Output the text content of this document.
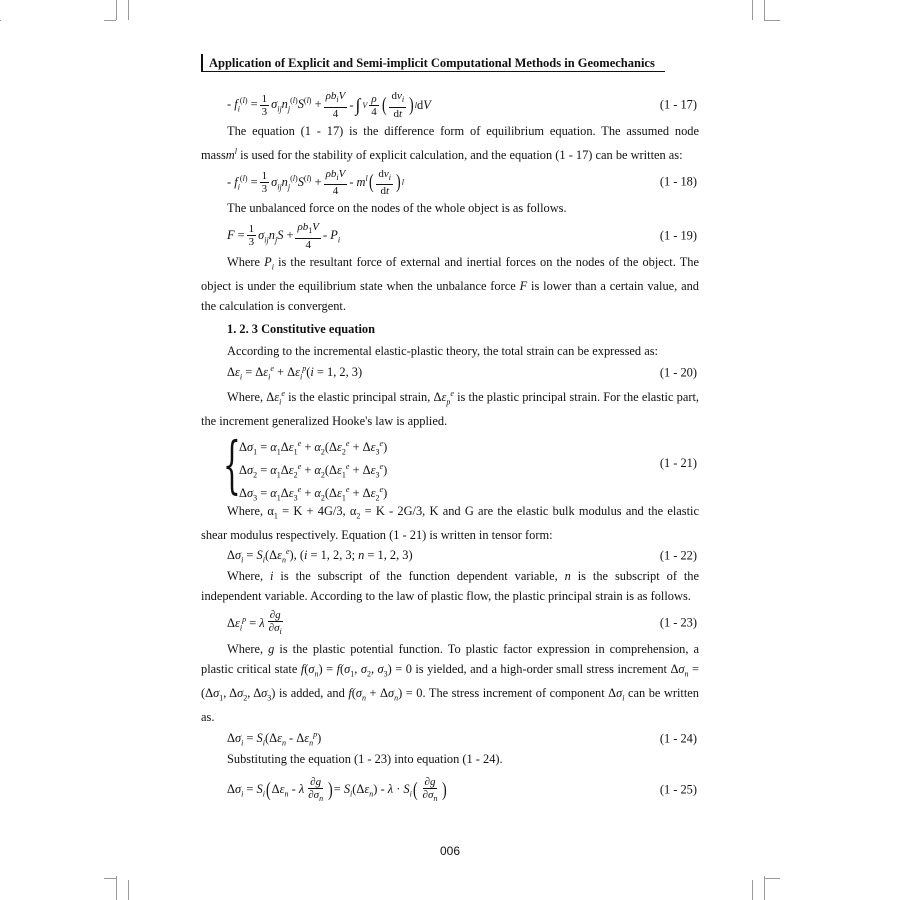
Application of Explicit and Semi-implicit Computational Methods in Geomechanics
- $f_i^{(l)} = \frac{1}{3} \sigma_{ij}n_j^{(l)}S^{(l)} + \frac{\rho b_iV}{4}$ - ∫ V $\frac{\rho}{4}$ ( $\frac{dv_i}{dt}$ ) l dV	(1 - 17)

The equation (1 - 17) is the difference form of equilibrium equation. The assumed node massm$^l$ is used for the stability of explicit calculation, and the equation (1 - 17) can be written as:

- $f_i^{(l)} = \frac{1}{3} \sigma_{ij}n_j^{(l)}S^{(l)} + \frac{\rho b_iV}{4} - m^l$ ( $\frac{dv_i}{dt}$ ) l	(1 - 18)

The unbalanced force on the nodes of the whole object is as follows.

$F = \frac{1}{3} \sigma_{ij}n_jS + \frac{\rho b_1V}{4} - P_i$	(1 - 19)

Where $P_i$ is the resultant force of external and inertial forces on the nodes of the object. The object is under the equilibrium state when the unbalance force F is lower than a certain value, and the calculation is convergent.

1. 2. 3 Constitutive equation

According to the incremental elastic-plastic theory, the total strain can be expressed as:

$\Delta\varepsilon_i = \Delta\varepsilon_i^e + \Delta\varepsilon_i^p(i = 1$, 2, 3)	(1 - 20)

Where, $\Delta\varepsilon_i^e$ is the elastic principal strain, $\Delta\varepsilon_p^e$ is the plastic principal strain. For the elastic part, the increment generalized Hooke's law is applied.

{
$\Delta\sigma_1 = \alpha_1\Delta\varepsilon_1^e + \alpha_2(\Delta\varepsilon_2^e + \Delta\varepsilon_3^e)$
$\Delta\sigma_2 = \alpha_1\Delta\varepsilon_2^e + \alpha_2(\Delta\varepsilon_1^e + \Delta\varepsilon_3^e)$
$\Delta\sigma_3 = \alpha_1\Delta\varepsilon_3^e + \alpha_2(\Delta\varepsilon_1^e + \Delta\varepsilon_2^e)$
(1 - 21)

Where, $\alpha_1 = K + 4G/3$, $\alpha_2 = K - 2G/3$, K and G are the elastic bulk modulus and the elastic shear modulus respectively. Equation (1 - 21) is written in tensor form:

$\Delta\sigma_i = S_i(\Delta\varepsilon_n^e)$, (i = 1, 2, 3; n = 1, 2, 3)	(1 - 22)

Where, i is the subscript of the function dependent variable, n is the subscript of the independent variable. According to the law of plastic flow, the plastic principal strain is as follows.

$\Delta\varepsilon_i^p = \lambda \frac{\partial g}{\partial\sigma_i}$	(1 - 23)

Where, g is the plastic potential function. To plastic factor expression in comprehension, a plastic critical state $f(\sigma_n) = f(\sigma_1$, $\sigma_2$, $\sigma_3) = 0$ is yielded, and a high-order small stress increment $\Delta\sigma_n = (\Delta\sigma_1$, $\Delta\sigma_2$, $\Delta\sigma_3$) is added, and $f(\sigma_n + \Delta\sigma_n) = 0$. The stress increment of component $\Delta\sigma_i$ can be written as.

$\Delta\sigma_i = S_i(\Delta\varepsilon_n - \Delta\varepsilon_n^p)$	(1 - 24)

Substituting the equation (1 - 23) into equation (1 - 24).

$\Delta\sigma_i = S_i$ ( $\Delta\varepsilon_n$ - λ $\frac{\partial g}{\partial\sigma_n}$ ) = $S_i(\Delta\varepsilon_n) - \lambda \cdot S_i$ ( $\frac{\partial g}{\partial\sigma_n}$ )	(1 - 25)
006
